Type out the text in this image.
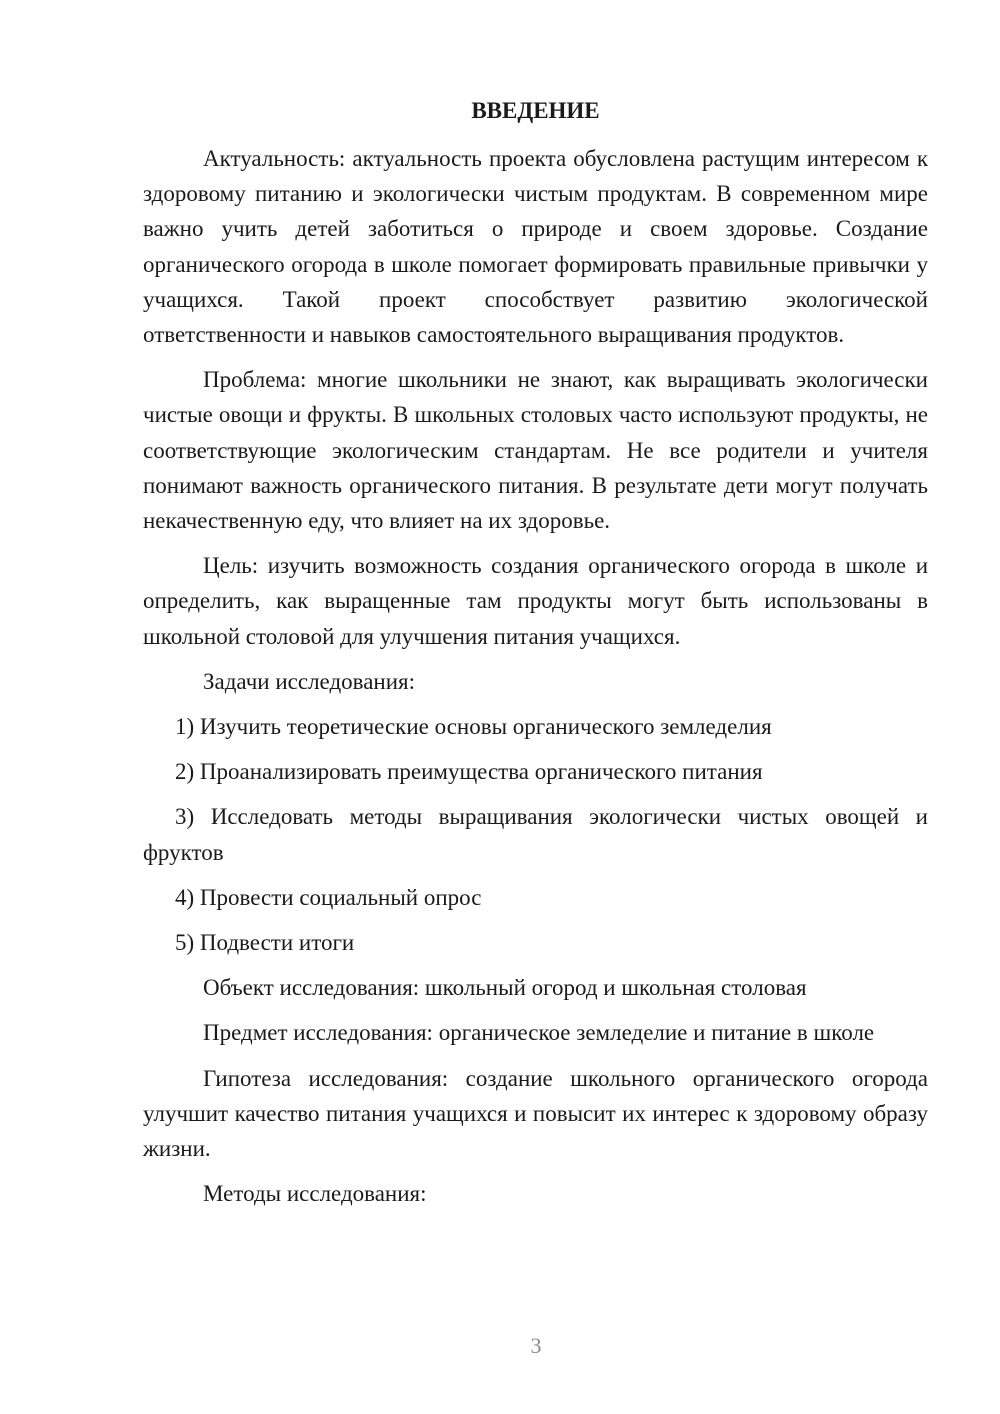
ВВЕДЕНИЕ

Актуальность: актуальность проекта обусловлена растущим интересом к здоровому питанию и экологически чистым продуктам. В современном мире важно учить детей заботиться о природе и своем здоровье. Создание органического огорода в школе помогает формировать правильные привычки у учащихся. Такой проект способствует развитию экологической ответственности и навыков самостоятельного выращивания продуктов.

Проблема: многие школьники не знают, как выращивать экологически чистые овощи и фрукты. В школьных столовых часто используют продукты, не соответствующие экологическим стандартам. Не все родители и учителя понимают важность органического питания. В результате дети могут получать некачественную еду, что влияет на их здоровье.

Цель: изучить возможность создания органического огорода в школе и определить, как выращенные там продукты могут быть использованы в школьной столовой для улучшения питания учащихся.

Задачи исследования:

1) Изучить теоретические основы органического земледелия

2) Проанализировать преимущества органического питания

3) Исследовать методы выращивания экологически чистых овощей и фруктов

4) Провести социальный опрос

5) Подвести итоги

Объект исследования: школьный огород и школьная столовая

Предмет исследования: органическое земледелие и питание в школе

Гипотеза исследования: создание школьного органического огорода улучшит качество питания учащихся и повысит их интерес к здоровому образу жизни.

Методы исследования:

3
